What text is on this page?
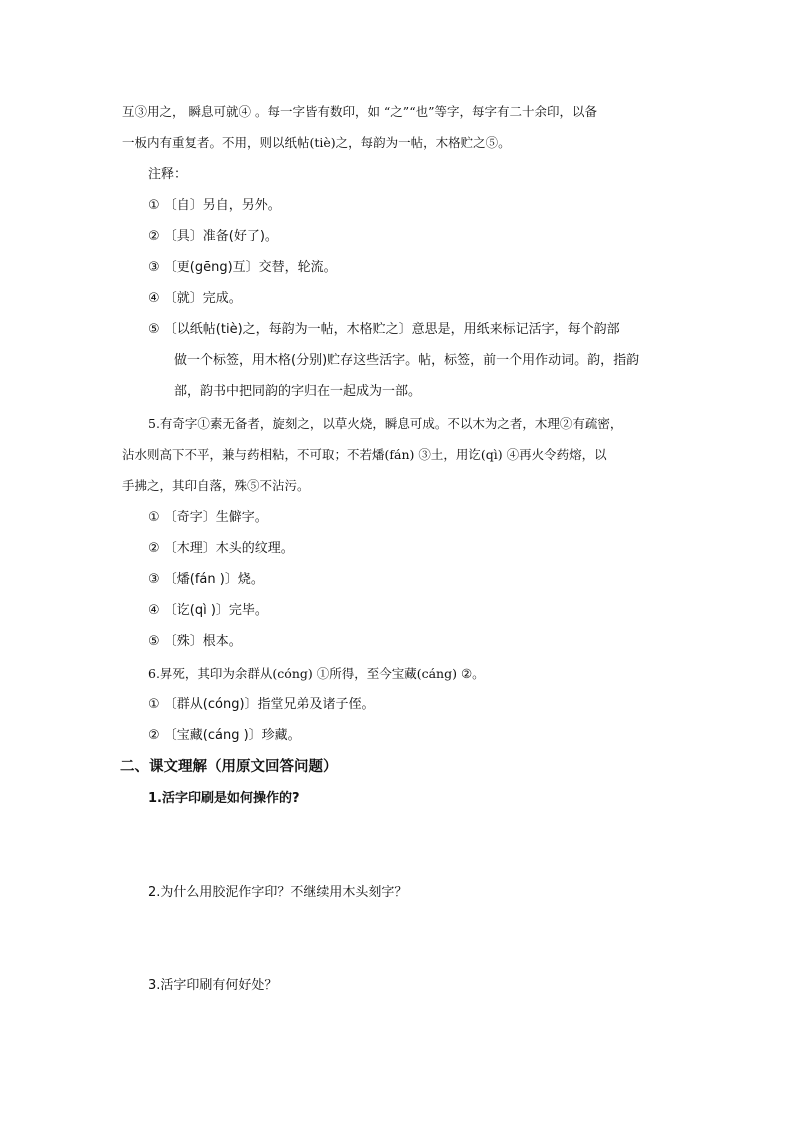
互③用之， 瞬息可就④ 。每一字皆有数印，如 “之”“也”等字，每字有二十余印，以备
一板内有重复者。不用，则以纸帖(tiè)之，每韵为一帖，木格贮之⑤。
注释：
① 〔自〕另自，另外。
② 〔具〕准备(好了)。
③ 〔更(gēng)互〕交替，轮流。
④ 〔就〕完成。
⑤ 〔以纸帖(tiè)之，每韵为一帖，木格贮之〕意思是，用纸来标记活字，每个韵部
做一个标签，用木格(分别)贮存这些活字。帖，标签，前一个用作动词。韵，指韵
部，韵书中把同韵的字归在一起成为一部。
5.有奇字①素无备者，旋刻之，以草火烧，瞬息可成。不以木为之者，木理②有疏密，
沾水则高下不平，兼与药相粘，不可取；不若燔(fán) ③土，用讫(qì) ④再火令药熔，以
手拂之，其印自落，殊⑤不沾污。
① 〔奇字〕生僻字。
② 〔木理〕木头的纹理。
③ 〔燔(fán )〕烧。
④ 〔讫(qì )〕完毕。
⑤ 〔殊〕根本。
6.昇死，其印为余群从(cóng) ①所得，至今宝藏(cáng) ②。
① 〔群从(cóng)〕指堂兄弟及诸子侄。
② 〔宝藏(cáng )〕珍藏。
二、课文理解（用原文回答问题）
1.活字印刷是如何操作的?
2.为什么用胶泥作字印？不继续用木头刻字？
3.活字印刷有何好处？
